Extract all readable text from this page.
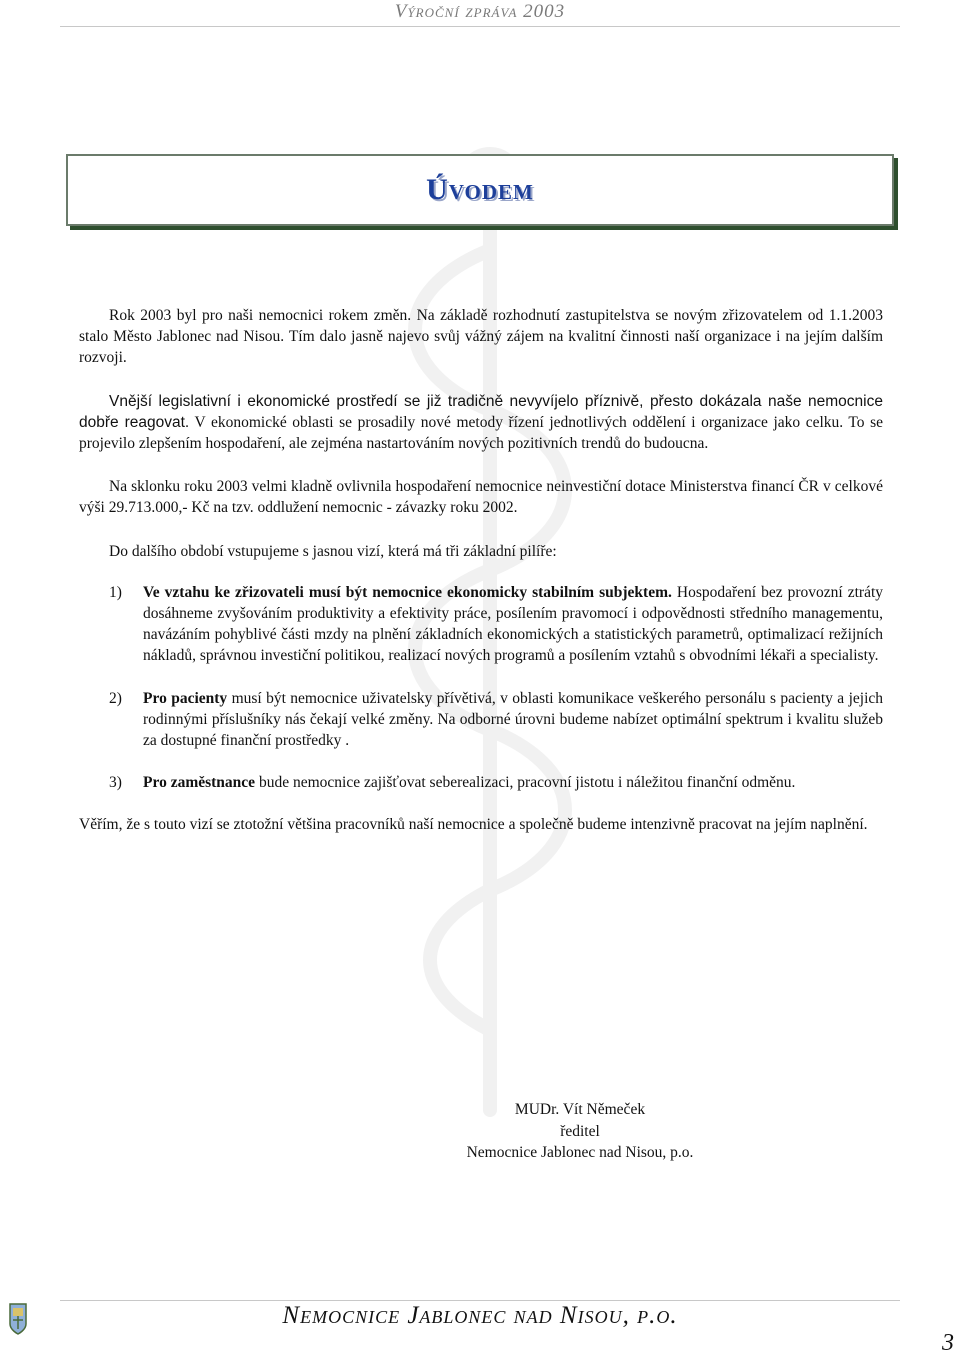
Výroční zpráva 2003
Úvodem

Rok 2003 byl pro naši nemocnici rokem změn. Na základě rozhodnutí zastupitelstva se novým zřizovatelem od 1.1.2003 stalo Město Jablonec nad Nisou. Tím dalo jasně najevo svůj vážný zájem na kvalitní činnosti naší organizace i na jejím dalším rozvoji.

Vnější legislativní i ekonomické prostředí se již tradičně nevyvíjelo příznivě, přesto dokázala naše nemocnice dobře reagovat. V ekonomické oblasti se prosadily nové metody řízení jednotlivých oddělení i organizace jako celku. To se projevilo zlepšením hospodaření, ale zejména nastartováním nových pozitivních trendů do budoucna.

Na sklonku roku 2003 velmi kladně ovlivnila hospodaření nemocnice neinvestiční dotace Ministerstva financí ČR v celkové výši 29.713.000,- Kč na tzv. oddlužení nemocnic - závazky roku 2002.

Do dalšího období vstupujeme s jasnou vizí, která má tři základní pilíře:

1) Ve vztahu ke zřizovateli musí být nemocnice ekonomicky stabilním subjektem. Hospodaření bez provozní ztráty dosáhneme zvyšováním produktivity a efektivity práce, posílením pravomocí i odpovědnosti středního managementu, navázáním pohyblivé části mzdy na plnění základních ekonomických a statistických parametrů, optimalizací režijních nákladů, správnou investiční politikou, realizací nových programů a posílením vztahů s obvodními lékaři a specialisty.
2) Pro pacienty musí být nemocnice uživatelsky přívětivá, v oblasti komunikace veškerého personálu s pacienty a jejich rodinnými příslušníky nás čekají velké změny. Na odborné úrovni budeme nabízet optimální spektrum i kvalitu služeb za dostupné finanční prostředky .
3) Pro zaměstnance bude nemocnice zajišťovat seberealizaci, pracovní jistotu i náležitou finanční odměnu.

Věřím, že s touto vizí se ztotožní většina pracovníků naší nemocnice a společně budeme intenzivně pracovat na jejím naplnění.

MUDr. Vít Němeček
ředitel
Nemocnice Jablonec nad Nisou, p.o.
Nemocnice Jablonec nad Nisou, p.o.
3
